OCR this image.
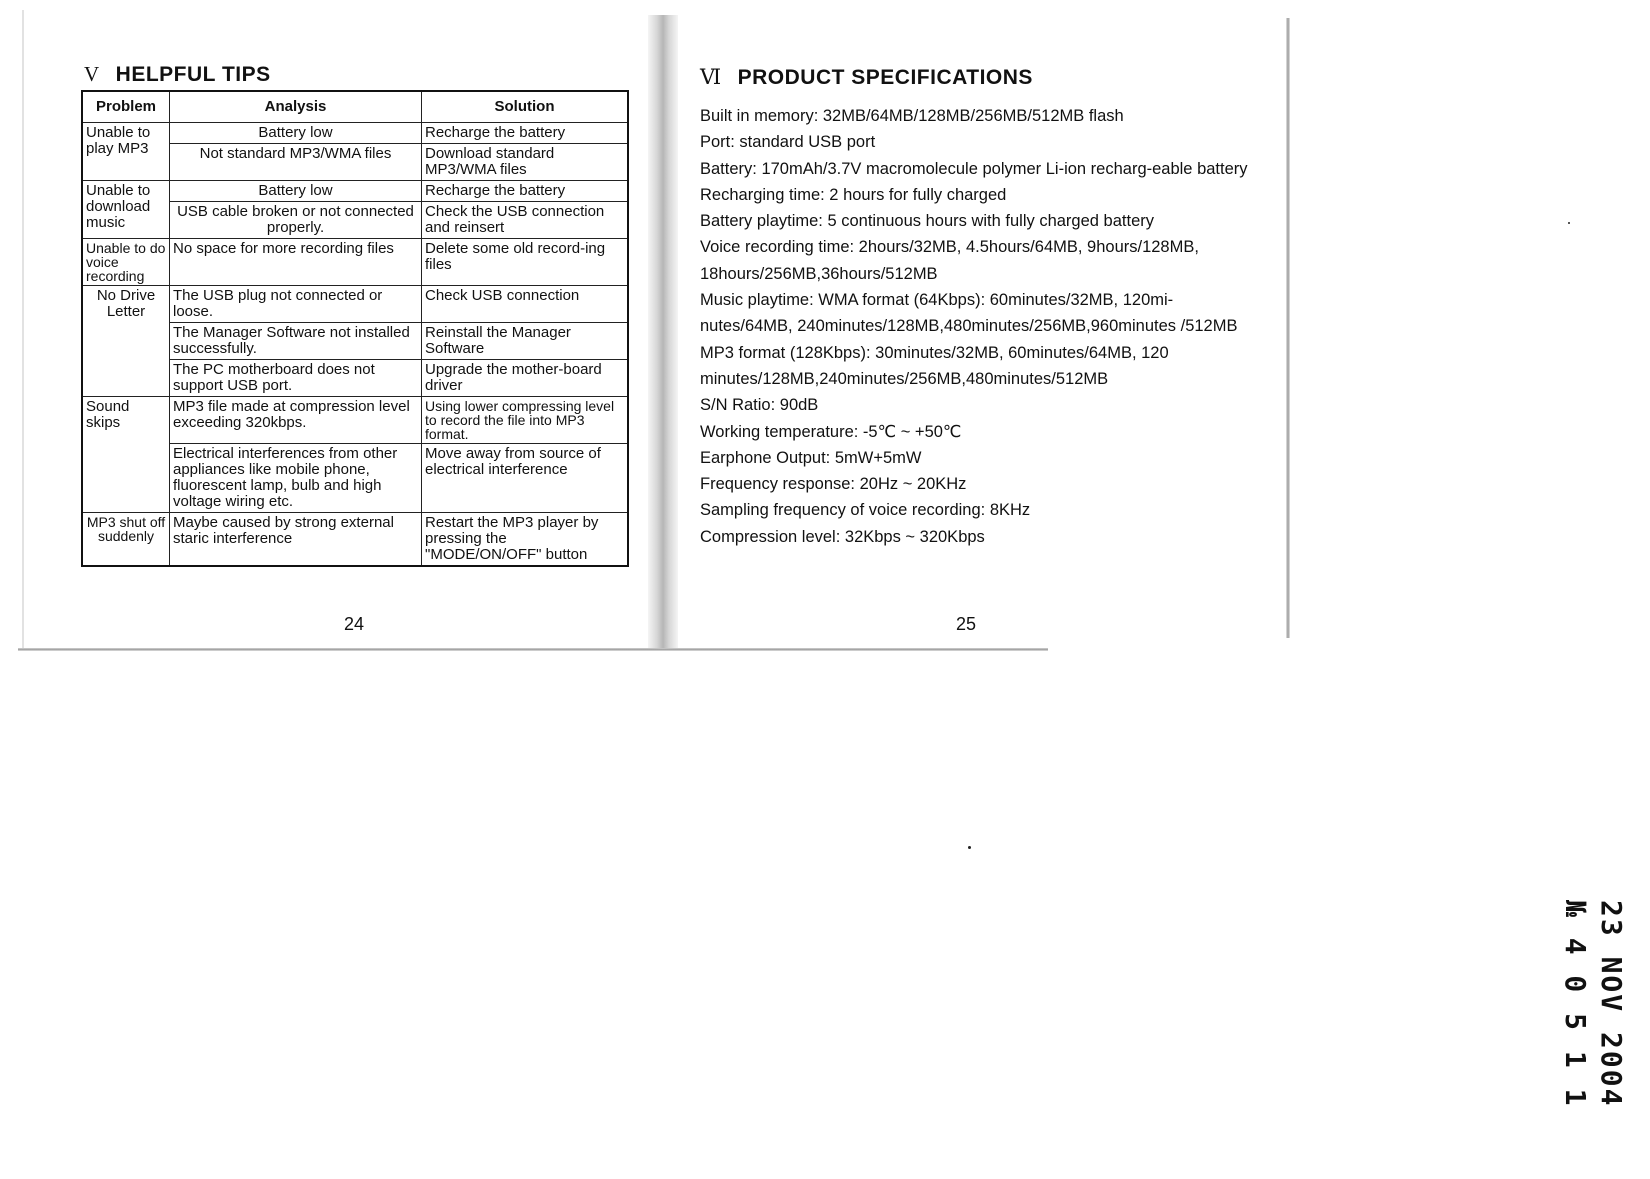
V HELPFUL TIPS
Problem	Analysis	Solution
Unable to play MP3	Battery low	Recharge the battery
	Not standard MP3/WMA files	Download standard MP3/WMA files
Unable to download music	Battery low	Recharge the battery
	USB cable broken or not connected properly.	Check the USB connection and reinsert
Unable to do voice recording	No space for more recording files	Delete some old record-ing files
No Drive Letter	The USB plug not connected or loose.	Check USB connection
	The Manager Software not installed successfully.	Reinstall the Manager Software
	The PC motherboard does not support USB port.	Upgrade the mother-board driver
Sound skips	MP3 file made at compression level exceeding 320kbps.	Using lower compressing level to record the file into MP3 format.
	Electrical interferences from other appliances like mobile phone, fluorescent lamp, bulb and high voltage wiring etc.	Move away from source of electrical interference
MP3 shut off suddenly	Maybe caused by strong external staric interference	Restart the MP3 player by pressing the "MODE/ON/OFF" button
24
Ⅵ PRODUCT SPECIFICATIONS
Built in memory: 32MB/64MB/128MB/256MB/512MB flash
Port: standard USB port
Battery: 170mAh/3.7V macromolecule polymer Li-ion recharg-eable battery
Recharging time: 2 hours for fully charged
Battery playtime: 5 continuous hours with fully charged battery
Voice recording time: 2hours/32MB, 4.5hours/64MB, 9hours/128MB, 18hours/256MB,36hours/512MB
Music playtime: WMA format (64Kbps): 60minutes/32MB, 120mi-nutes/64MB, 240minutes/128MB,480minutes/256MB,960minutes /512MB
MP3 format (128Kbps): 30minutes/32MB, 60minutes/64MB, 120 minutes/128MB,240minutes/256MB,480minutes/512MB
S/N Ratio: 90dB
Working temperature: -5℃ ~ +50℃
Earphone Output: 5mW+5mW
Frequency response: 20Hz ~ 20KHz
Sampling frequency of voice recording: 8KHz
Compression level: 32Kbps ~ 320Kbps
25
23 NOV 2004
№ 4 0 5 1 1
